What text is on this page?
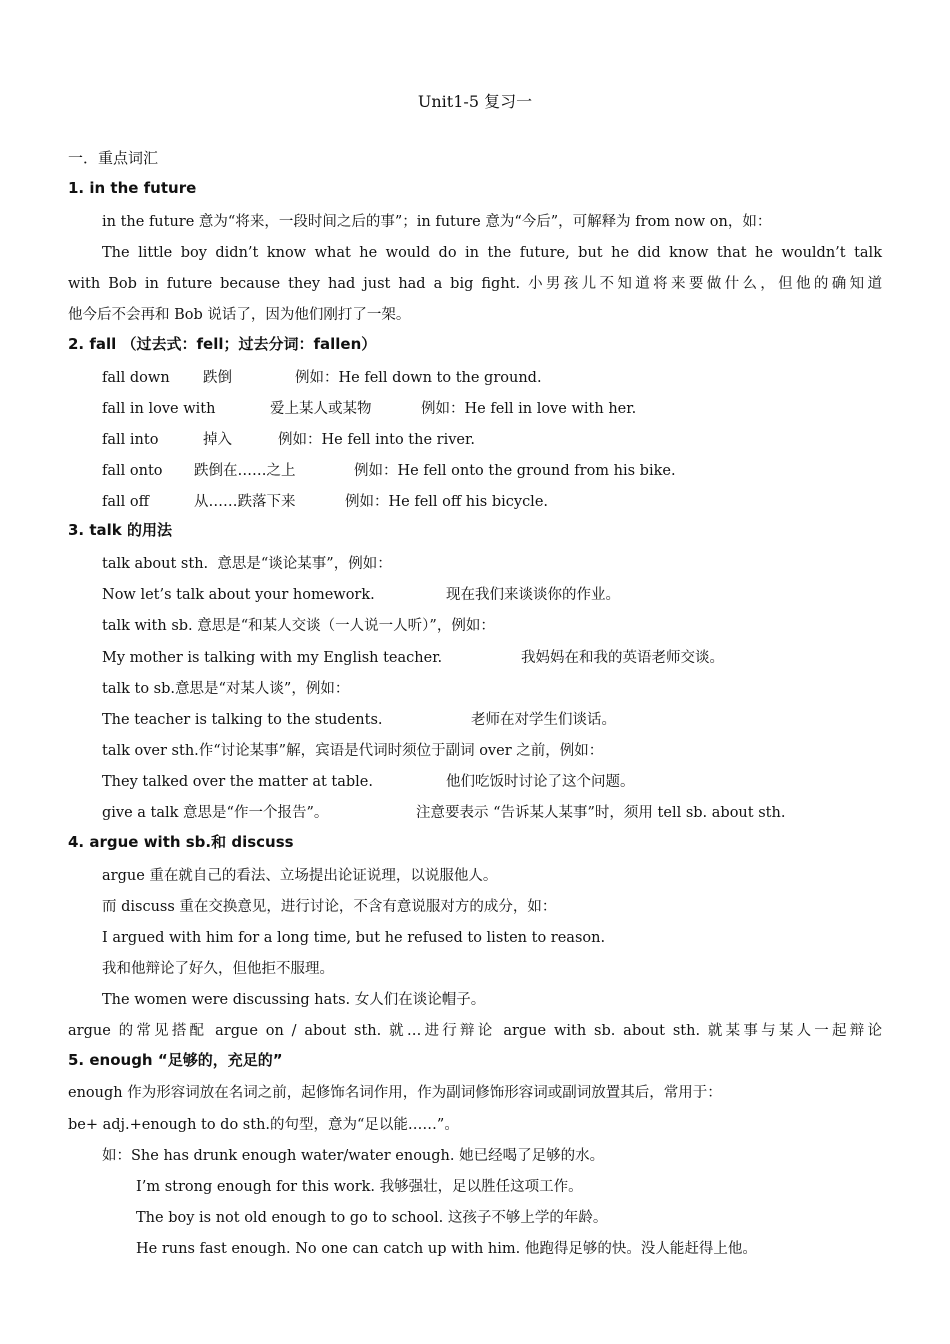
Unit1-5 复习一
一．重点词汇
1. in the future
in the future 意为“将来，一段时间之后的事”；in future 意为“今后”，可解释为 from now on，如：
The little boy didn’t know what he would do in the future, but he did know that he wouldn’t talk
with Bob in future because they had just had a big fight. 小男孩儿不知道将来要做什么，但他的确知道
他今后不会再和 Bob 说话了，因为他们刚打了一架。
2. fall （过去式：fell；过去分词：fallen）
fall down 跌倒	例如：He fell down to the ground.
fall in love with	爱上某人或某物	例如：He fell in love with her.
fall into	掉入	例如：He fell into the river.
fall onto 跌倒在……之上	例如：He fell onto the ground from his bike.
fall off	从……跌落下来	例如：He fell off his bicycle.
3. talk 的用法
talk about sth.  意思是“谈论某事”，例如：
Now let’s talk about your homework.	现在我们来谈谈你的作业。
talk with sb. 意思是“和某人交谈（一人说一人听）”，例如：
My mother is talking with my English teacher.	我妈妈在和我的英语老师交谈。
talk to sb.意思是“对某人谈”，例如：
The teacher is talking to the students.	老师在对学生们谈话。
talk over sth.作“讨论某事”解，宾语是代词时须位于副词 over 之前，例如：
They talked over the matter at table.	他们吃饭时讨论了这个问题。
give a talk 意思是“作一个报告”。	注意要表示 “告诉某人某事”时，须用 tell sb. about sth.
4. argue with sb.和 discuss
argue 重在就自己的看法、立场提出论证说理，以说服他人。
而 discuss 重在交换意见，进行讨论，不含有意说服对方的成分，如：
I argued with him for a long time, but he refused to listen to reason.
我和他辩论了好久，但他拒不服理。
The women were discussing hats. 女人们在谈论帽子。
argue 的常见搭配 argue on / about sth. 就…进行辩论 argue with sb. about sth. 就某事与某人一起辩论
5. enough “足够的，充足的”
enough 作为形容词放在名词之前，起修饰名词作用，作为副词修饰形容词或副词放置其后，常用于：
be+ adj.+enough to do sth.的句型，意为“足以能……”。
如：She has drunk enough water/water enough. 她已经喝了足够的水。
I’m strong enough for this work. 我够强壮，足以胜任这项工作。
The boy is not old enough to go to school. 这孩子不够上学的年龄。
He runs fast enough. No one can catch up with him. 他跑得足够的快。没人能赶得上他。
